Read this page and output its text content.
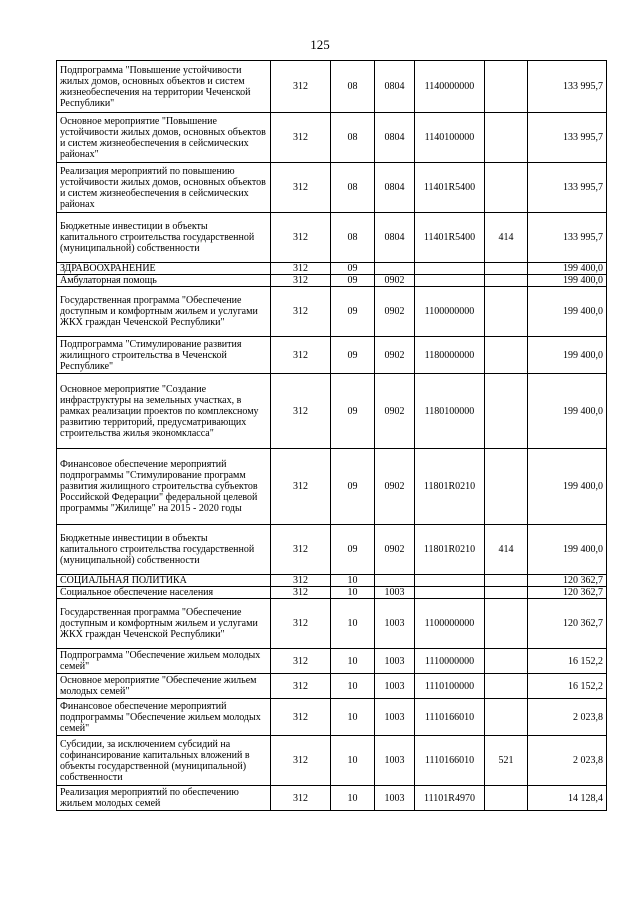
125
Подпрограмма "Повышение устойчивости жилых домов, основных объектов и систем жизнеобеспечения на территории Чеченской Республики"	312	08	0804	1140000000		133 995,7
Основное мероприятие "Повышение устойчивости жилых домов, основных объектов и систем жизнеобеспечения в сейсмических районах"	312	08	0804	1140100000		133 995,7
Реализация мероприятий по повышению устойчивости жилых домов, основных объектов и систем жизнеобеспечения в сейсмических районах	312	08	0804	11401R5400		133 995,7
Бюджетные инвестиции в объекты капитального строительства государственной (муниципальной) собственности	312	08	0804	11401R5400	414	133 995,7
ЗДРАВООХРАНЕНИЕ	312	09				199 400,0
Амбулаторная помощь	312	09	0902			199 400,0
Государственная программа "Обеспечение доступным и комфортным жильем и услугами ЖКХ граждан Чеченской Республики"	312	09	0902	1100000000		199 400,0
Подпрограмма "Стимулирование развития жилищного строительства в Чеченской Республике"	312	09	0902	1180000000		199 400,0
Основное мероприятие "Создание инфраструктуры на земельных участках, в рамках реализации проектов по комплексному развитию территорий, предусматривающих строительства жилья экономкласса"	312	09	0902	1180100000		199 400,0
Финансовое обеспечение мероприятий подпрограммы "Стимулирование программ развития жилищного строительства субъектов Российской Федерации" федеральной целевой программы "Жилище" на 2015 - 2020 годы	312	09	0902	11801R0210		199 400,0
Бюджетные инвестиции в объекты капитального строительства государственной (муниципальной) собственности	312	09	0902	11801R0210	414	199 400,0
СОЦИАЛЬНАЯ ПОЛИТИКА	312	10				120 362,7
Социальное обеспечение населения	312	10	1003			120 362,7
Государственная программа "Обеспечение доступным и комфортным жильем и услугами ЖКХ граждан Чеченской Республики"	312	10	1003	1100000000		120 362,7
Подпрограмма "Обеспечение жильем молодых семей"	312	10	1003	1110000000		16 152,2
Основное мероприятие "Обеспечение жильем молодых семей"	312	10	1003	1110100000		16 152,2
Финансовое обеспечение мероприятий подпрограммы "Обеспечение жильем молодых семей"	312	10	1003	1110166010		2 023,8
Субсидии, за исключением субсидий на софинансирование капитальных вложений в объекты государственной (муниципальной) собственности	312	10	1003	1110166010	521	2 023,8
Реализация мероприятий по обеспечению жильем молодых семей	312	10	1003	11101R4970		14 128,4
